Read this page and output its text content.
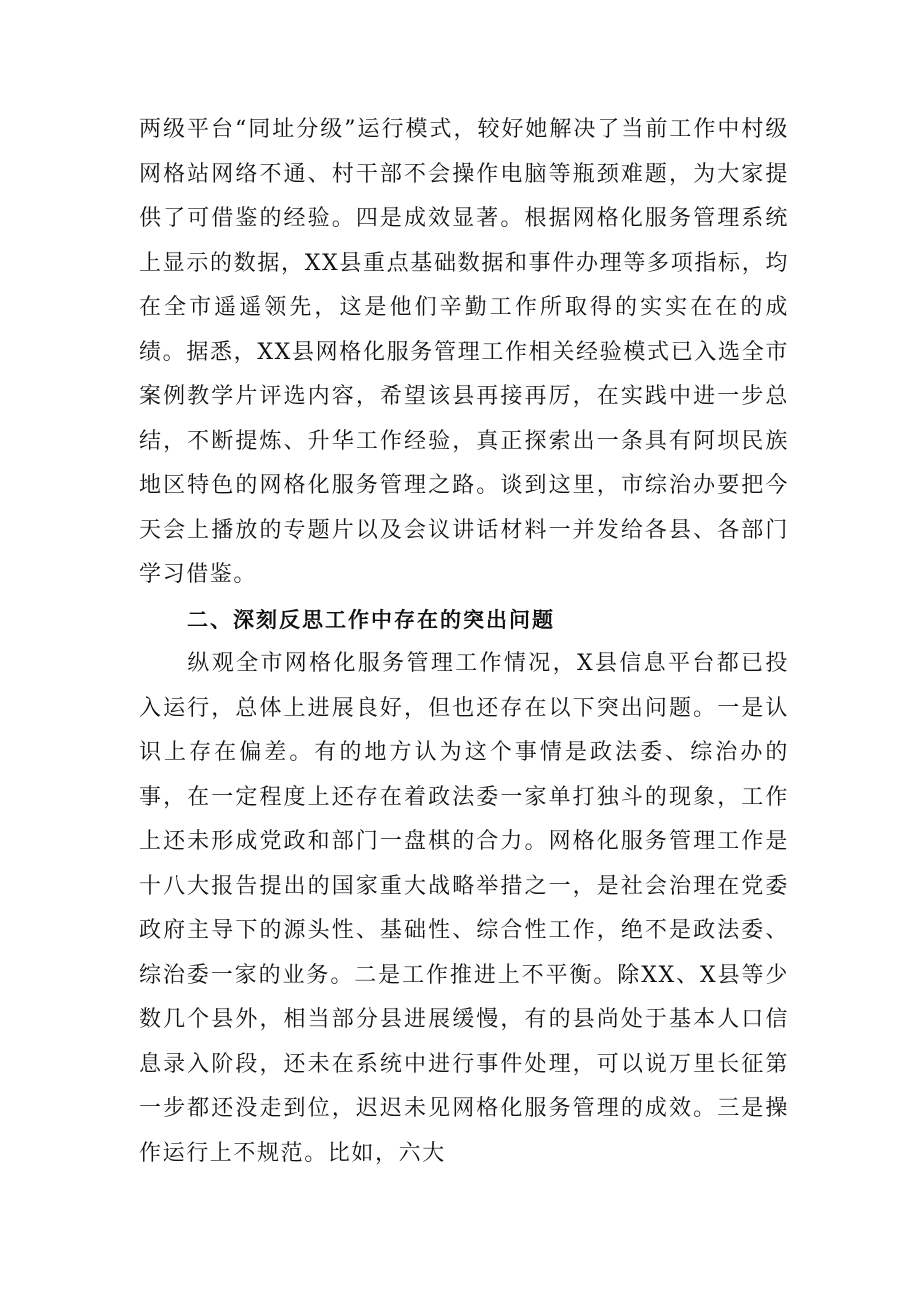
两级平台“同址分级”运行模式，较好她解决了当前工作中村级网格站网络不通、村干部不会操作电脑等瓶颈难题，为大家提供了可借鉴的经验。四是成效显著。根据网格化服务管理系统上显示的数据，XX县重点基础数据和事件办理等多项指标，均在全市遥遥领先，这是他们辛勤工作所取得的实实在在的成绩。据悉，XX县网格化服务管理工作相关经验模式已入选全市案例教学片评选内容，希望该县再接再厉，在实践中进一步总结，不断提炼、升华工作经验，真正探索出一条具有阿坝民族地区特色的网格化服务管理之路。谈到这里，市综治办要把今天会上播放的专题片以及会议讲话材料一并发给各县、各部门学习借鉴。

二、深刻反思工作中存在的突出问题

纵观全市网格化服务管理工作情况，X县信息平台都已投入运行，总体上进展良好，但也还存在以下突出问题。一是认识上存在偏差。有的地方认为这个事情是政法委、综治办的事，在一定程度上还存在着政法委一家单打独斗的现象，工作上还未形成党政和部门一盘棋的合力。网格化服务管理工作是十八大报告提出的国家重大战略举措之一，是社会治理在党委政府主导下的源头性、基础性、综合性工作，绝不是政法委、综治委一家的业务。二是工作推进上不平衡。除XX、X县等少数几个县外，相当部分县进展缓慢，有的县尚处于基本人口信息录入阶段，还未在系统中进行事件处理，可以说万里长征第一步都还没走到位，迟迟未见网格化服务管理的成效。三是操作运行上不规范。比如，六大
